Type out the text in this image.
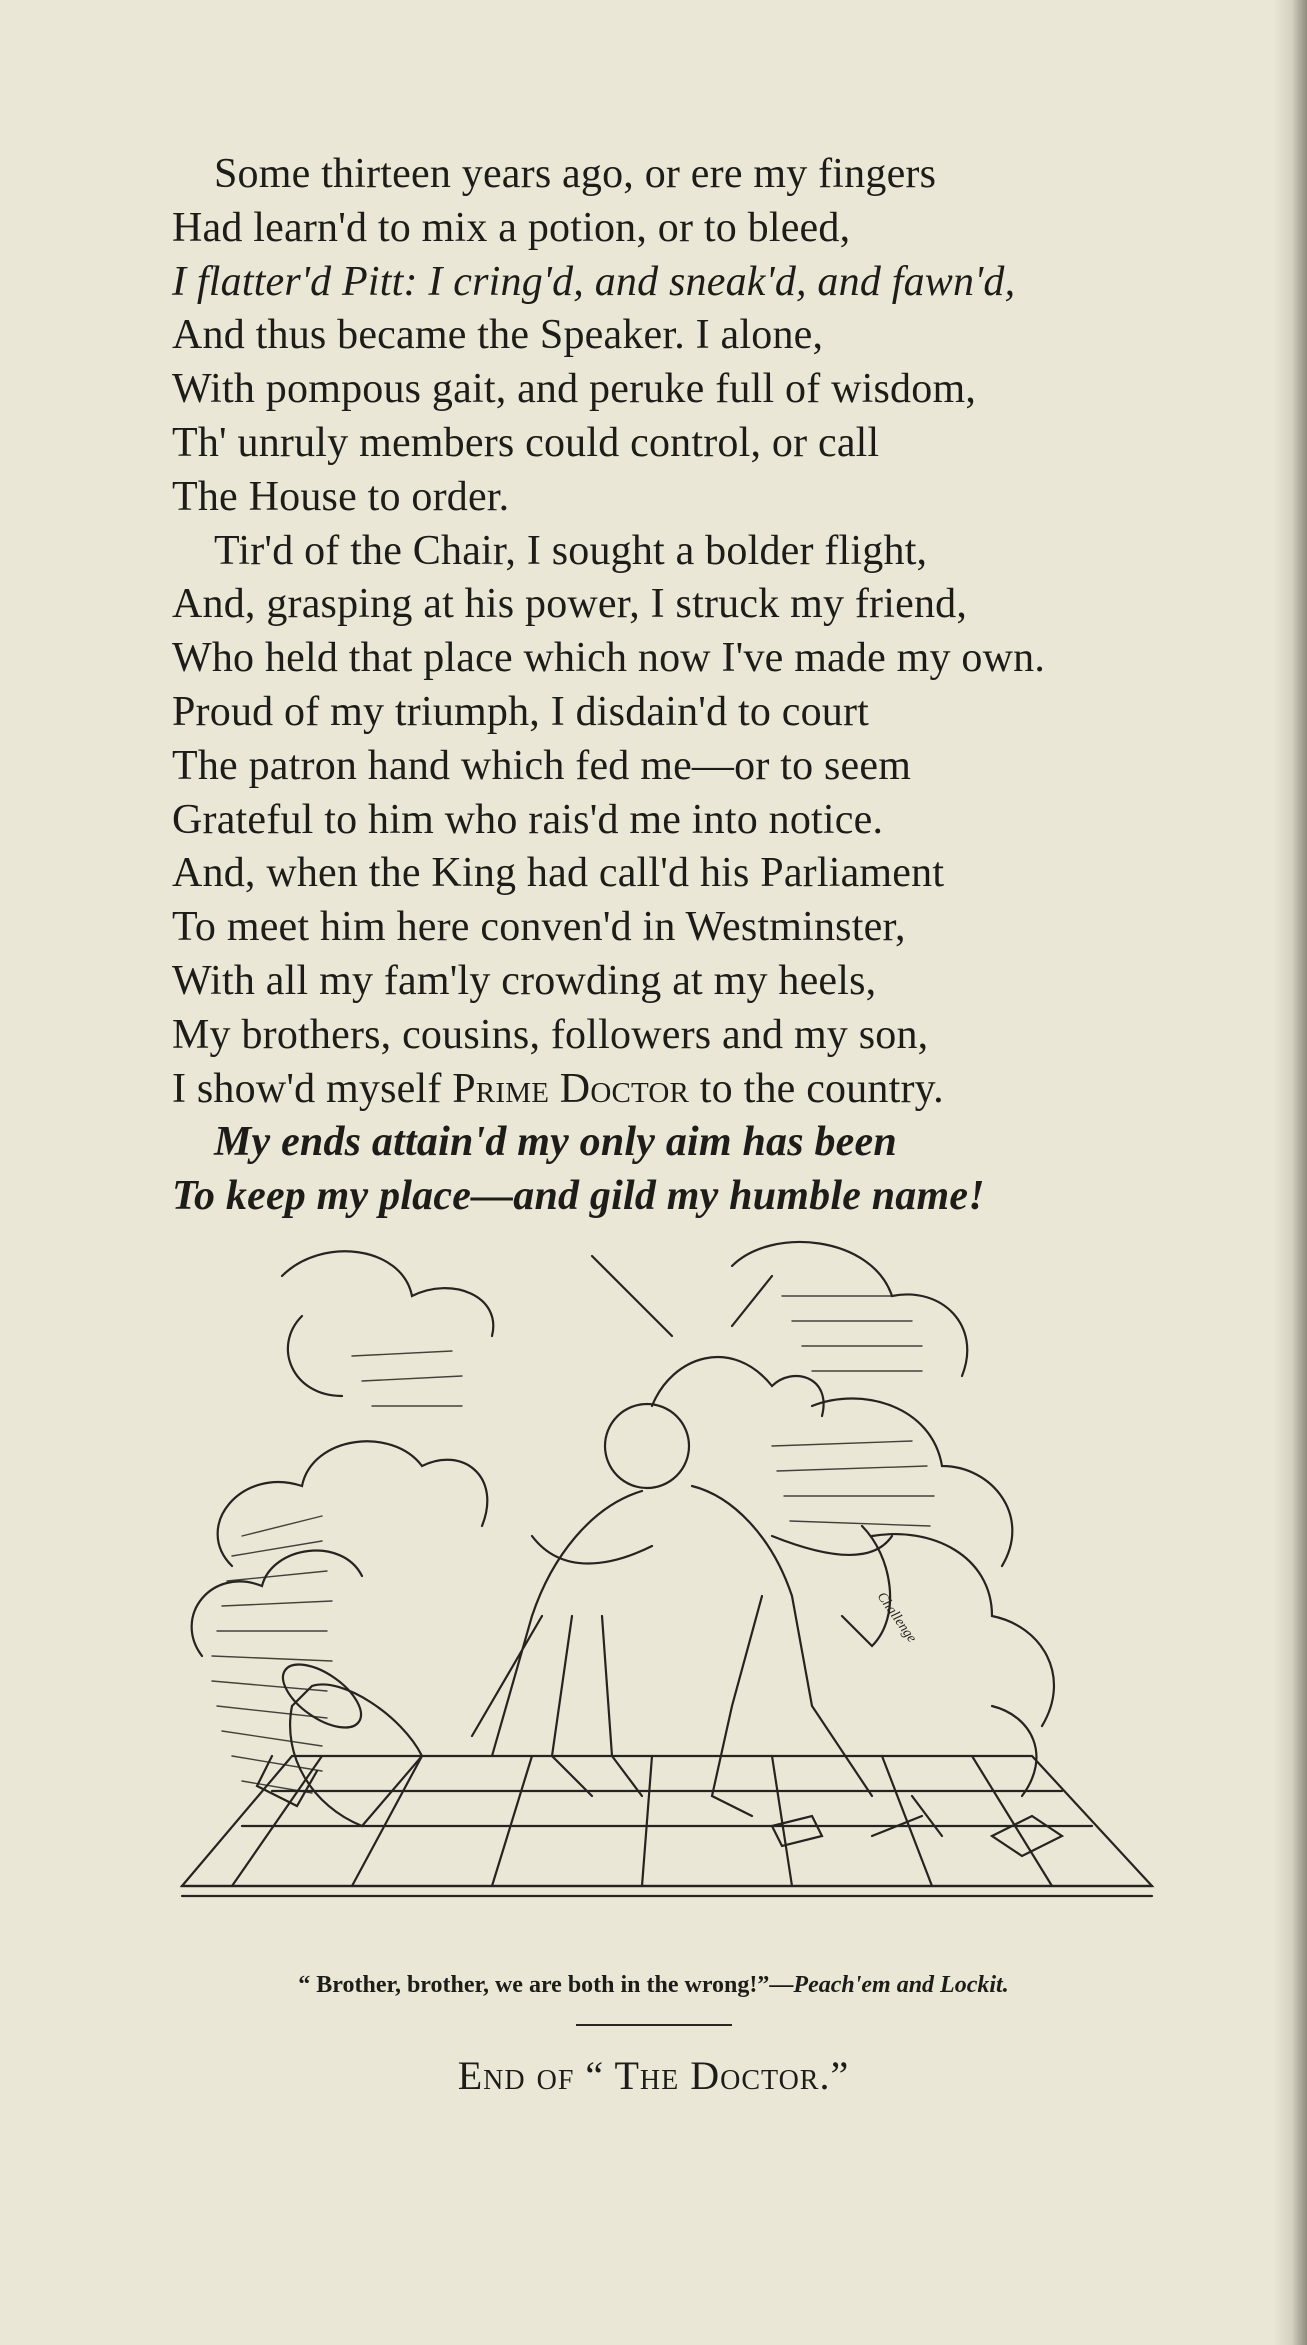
Some thirteen years ago, or ere my fingers
Had learn'd to mix a potion, or to bleed,
I flatter'd Pitt: I cring'd, and sneak'd, and fawn'd,
And thus became the Speaker. I alone,
With pompous gait, and peruke full of wisdom,
Th' unruly members could control, or call
The House to order.
Tir'd of the Chair, I sought a bolder flight,
And, grasping at his power, I struck my friend,
Who held that place which now I've made my own.
Proud of my triumph, I disdain'd to court
The patron hand which fed me—or to seem
Grateful to him who rais'd me into notice.
And, when the King had call'd his Parliament
To meet him here conven'd in Westminster,
With all my fam'ly crowding at my heels,
My brothers, cousins, followers and my son,
I show'd myself Prime Doctor to the country.
My ends attain'd my only aim has been
To keep my place—and gild my humble name!
Challenge
“ Brother, brother, we are both in the wrong!”—Peach'em and Lockit.
End of “ The Doctor.”
